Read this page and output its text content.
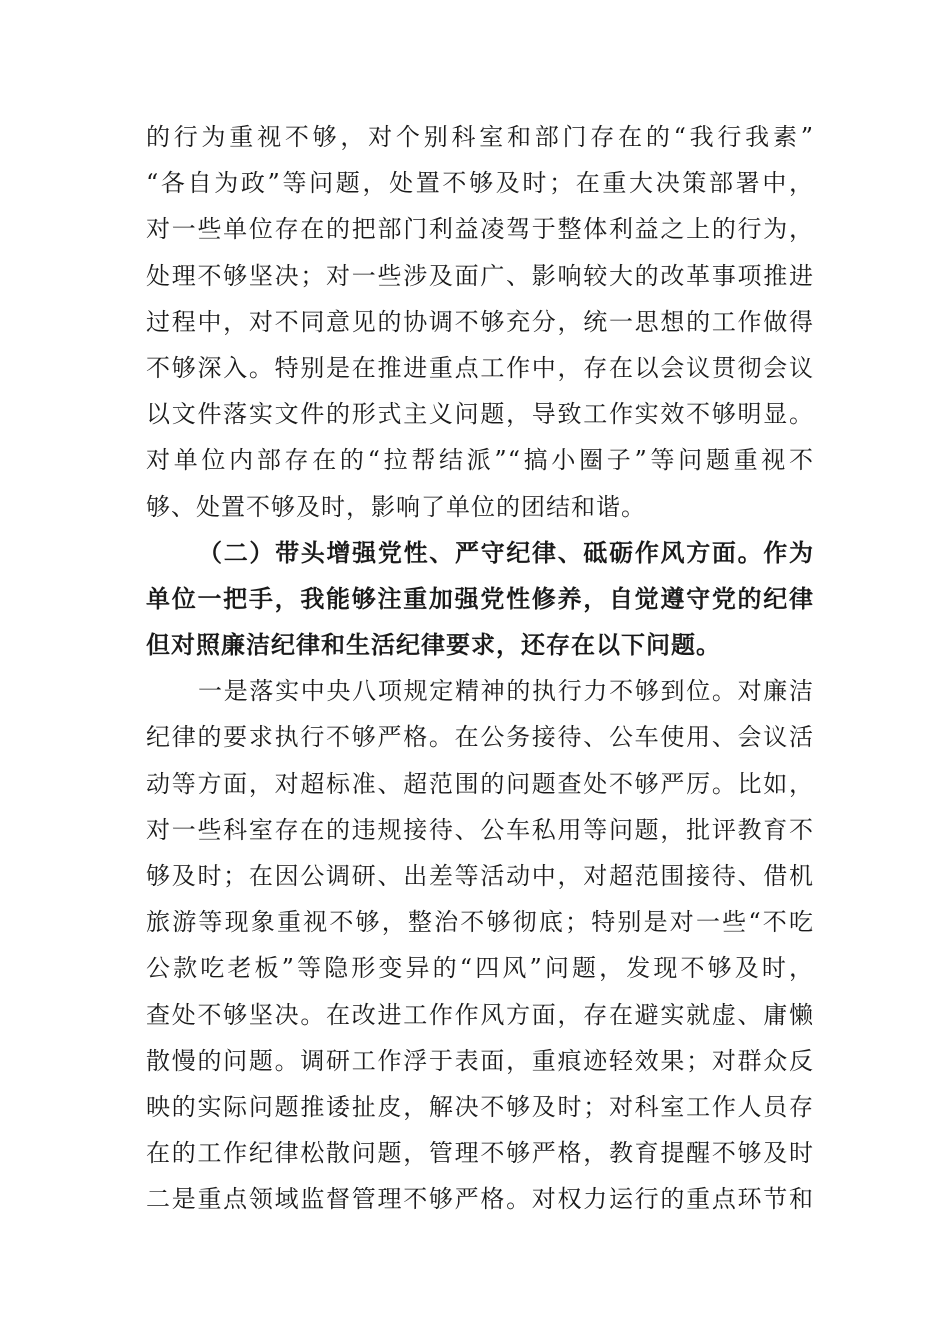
的行为重视不够，对个别科室和部门存在的“我行我素”
“各自为政”等问题，处置不够及时；在重大决策部署中，
对一些单位存在的把部门利益凌驾于整体利益之上的行为，
处理不够坚决；对一些涉及面广、影响较大的改革事项推进
过程中，对不同意见的协调不够充分，统一思想的工作做得
不够深入。特别是在推进重点工作中，存在以会议贯彻会议
以文件落实文件的形式主义问题，导致工作实效不够明显。
对单位内部存在的“拉帮结派”“搞小圈子”等问题重视不
够、处置不够及时，影响了单位的团结和谐。
（二）带头增强党性、严守纪律、砥砺作风方面。作为
单位一把手，我能够注重加强党性修养，自觉遵守党的纪律
但对照廉洁纪律和生活纪律要求，还存在以下问题。
一是落实中央八项规定精神的执行力不够到位。对廉洁
纪律的要求执行不够严格。在公务接待、公车使用、会议活
动等方面，对超标准、超范围的问题查处不够严厉。比如，
对一些科室存在的违规接待、公车私用等问题，批评教育不
够及时；在因公调研、出差等活动中，对超范围接待、借机
旅游等现象重视不够，整治不够彻底；特别是对一些“不吃
公款吃老板”等隐形变异的“四风”问题，发现不够及时，
查处不够坚决。在改进工作作风方面，存在避实就虚、庸懒
散慢的问题。调研工作浮于表面，重痕迹轻效果；对群众反
映的实际问题推诿扯皮，解决不够及时；对科室工作人员存
在的工作纪律松散问题，管理不够严格，教育提醒不够及时
二是重点领域监督管理不够严格。对权力运行的重点环节和
